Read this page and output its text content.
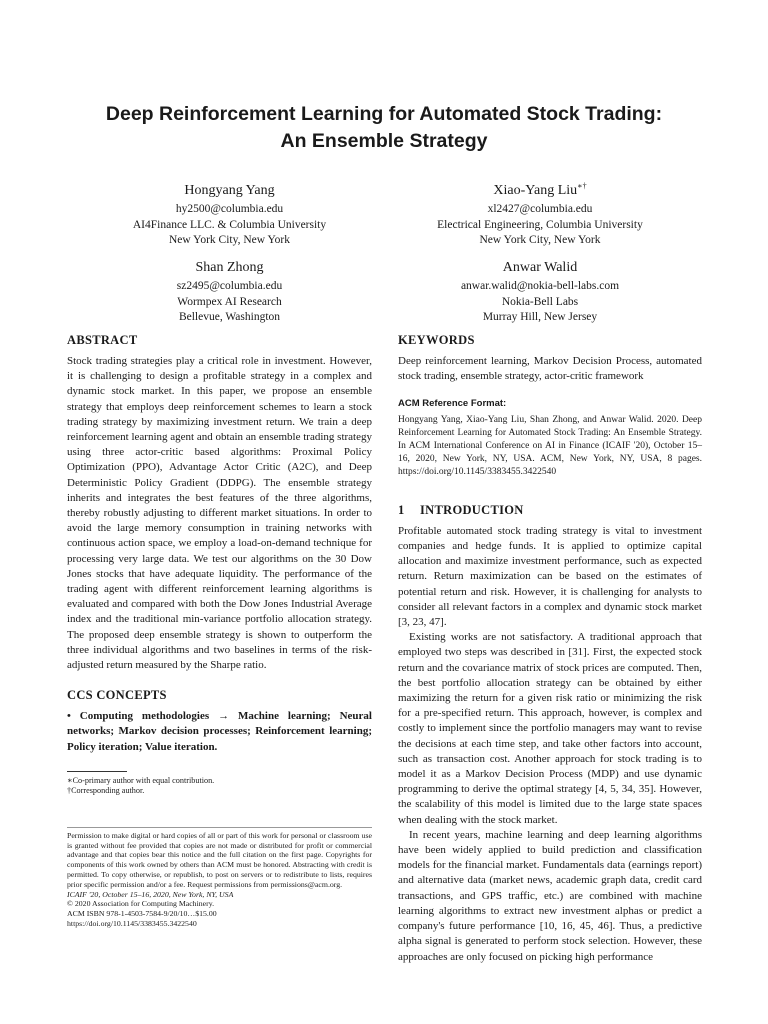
Deep Reinforcement Learning for Automated Stock Trading:
An Ensemble Strategy
Hongyang Yang
hy2500@columbia.edu
AI4Finance LLC. & Columbia University
New York City, New York
Xiao-Yang Liu∗†
xl2427@columbia.edu
Electrical Engineering, Columbia University
New York City, New York
Shan Zhong
sz2495@columbia.edu
Wormpex AI Research
Bellevue, Washington
Anwar Walid
anwar.walid@nokia-bell-labs.com
Nokia-Bell Labs
Murray Hill, New Jersey
ABSTRACT

Stock trading strategies play a critical role in investment. However, it is challenging to design a profitable strategy in a complex and dynamic stock market. In this paper, we propose an ensemble strategy that employs deep reinforcement schemes to learn a stock trading strategy by maximizing investment return. We train a deep reinforcement learning agent and obtain an ensemble trading strategy using three actor-critic based algorithms: Proximal Policy Optimization (PPO), Advantage Actor Critic (A2C), and Deep Deterministic Policy Gradient (DDPG). The ensemble strategy inherits and integrates the best features of the three algorithms, thereby robustly adjusting to different market situations. In order to avoid the large memory consumption in training networks with continuous action space, we employ a load-on-demand technique for processing very large data. We test our algorithms on the 30 Dow Jones stocks that have adequate liquidity. The performance of the trading agent with different reinforcement learning algorithms is evaluated and compared with both the Dow Jones Industrial Average index and the traditional min-variance portfolio allocation strategy. The proposed deep ensemble strategy is shown to outperform the three individual algorithms and two baselines in terms of the risk-adjusted return measured by the Sharpe ratio.

CCS CONCEPTS

• Computing methodologies → Machine learning; Neural networks; Markov decision processes; Reinforcement learning; Policy iteration; Value iteration.

∗Co-primary author with equal contribution.
†Corresponding author.
Permission to make digital or hard copies of all or part of this work for personal or classroom use is granted without fee provided that copies are not made or distributed for profit or commercial advantage and that copies bear this notice and the full citation on the first page. Copyrights for components of this work owned by others than ACM must be honored. Abstracting with credit is permitted. To copy otherwise, or republish, to post on servers or to redistribute to lists, requires prior specific permission and/or a fee. Request permissions from permissions@acm.org.
ICAIF '20, October 15–16, 2020, New York, NY, USA
© 2020 Association for Computing Machinery.
ACM ISBN 978-1-4503-7584-9/20/10…$15.00
https://doi.org/10.1145/3383455.3422540
KEYWORDS

Deep reinforcement learning, Markov Decision Process, automated stock trading, ensemble strategy, actor-critic framework

ACM Reference Format:
Hongyang Yang, Xiao-Yang Liu, Shan Zhong, and Anwar Walid. 2020. Deep Reinforcement Learning for Automated Stock Trading: An Ensemble Strategy. In ACM International Conference on AI in Finance (ICAIF '20), October 15–16, 2020, New York, NY, USA. ACM, New York, NY, USA, 8 pages. https://doi.org/10.1145/3383455.3422540
1 INTRODUCTION

Profitable automated stock trading strategy is vital to investment companies and hedge funds. It is applied to optimize capital allocation and maximize investment performance, such as expected return. Return maximization can be based on the estimates of potential return and risk. However, it is challenging for analysts to consider all relevant factors in a complex and dynamic stock market [3, 23, 47].

Existing works are not satisfactory. A traditional approach that employed two steps was described in [31]. First, the expected stock return and the covariance matrix of stock prices are computed. Then, the best portfolio allocation strategy can be obtained by either maximizing the return for a given risk ratio or minimizing the risk for a pre-specified return. This approach, however, is complex and costly to implement since the portfolio managers may want to revise the decisions at each time step, and take other factors into account, such as transaction cost. Another approach for stock trading is to model it as a Markov Decision Process (MDP) and use dynamic programming to derive the optimal strategy [4, 5, 34, 35]. However, the scalability of this model is limited due to the large state spaces when dealing with the stock market.

In recent years, machine learning and deep learning algorithms have been widely applied to build prediction and classification models for the financial market. Fundamentals data (earnings report) and alternative data (market news, academic graph data, credit card transactions, and GPS traffic, etc.) are combined with machine learning algorithms to extract new investment alphas or predict a company's future performance [10, 16, 45, 46]. Thus, a predictive alpha signal is generated to perform stock selection. However, these approaches are only focused on picking high performance
